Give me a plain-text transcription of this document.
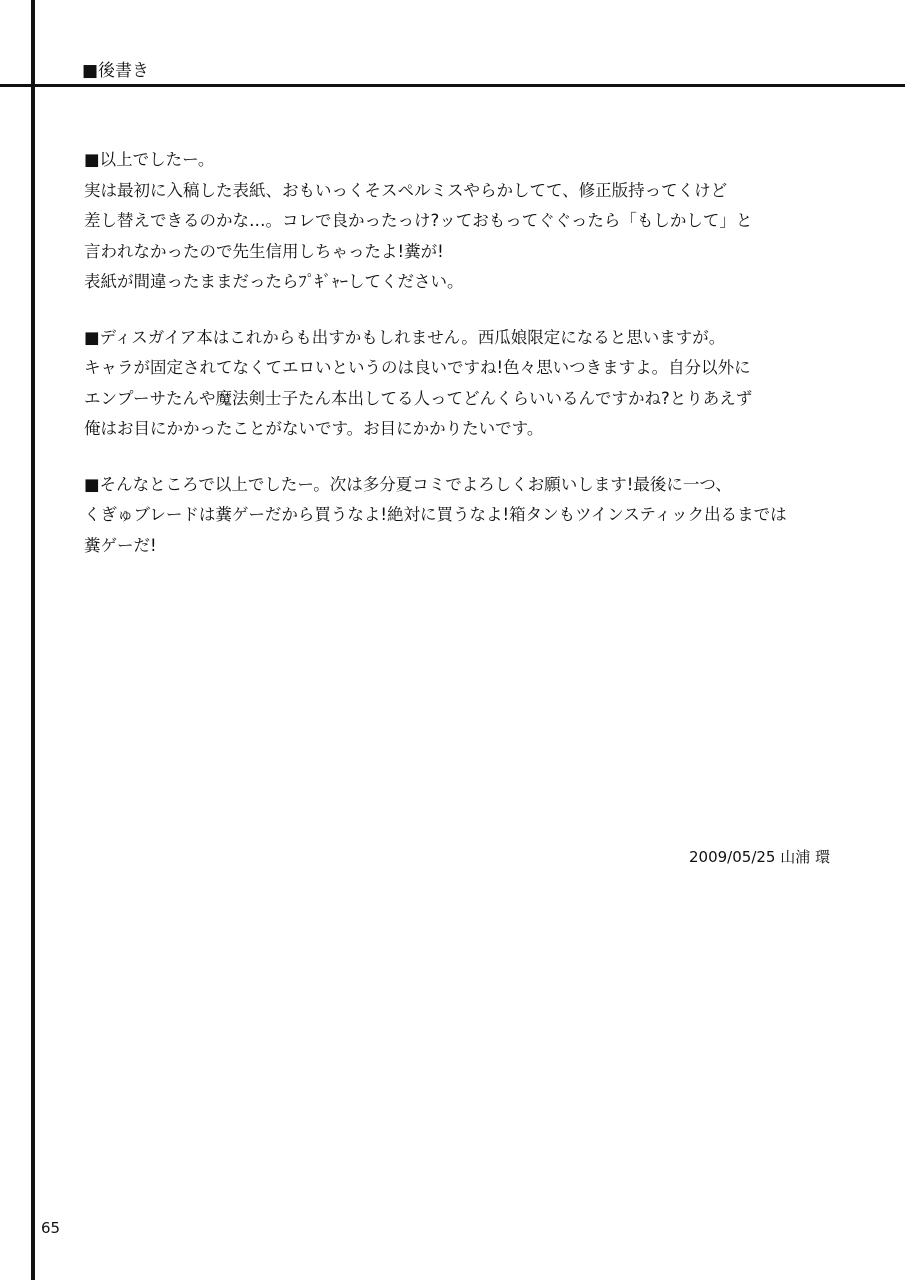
■後書き
■以上でしたー。
実は最初に入稿した表紙、おもいっくそスペルミスやらかしてて、修正版持ってくけど
差し替えできるのかな…。コレで良かったっけ?ッておもってぐぐったら「もしかして」と
言われなかったので先生信用しちゃったよ!糞が!
表紙が間違ったままだったらﾌﾟｷﾞｬｰしてください。
■ディスガイア本はこれからも出すかもしれません。西瓜娘限定になると思いますが。
キャラが固定されてなくてエロいというのは良いですね!色々思いつきますよ。自分以外に
エンプーサたんや魔法剣士子たん本出してる人ってどんくらいいるんですかね?とりあえず
俺はお目にかかったことがないです。お目にかかりたいです。
■そんなところで以上でしたー。次は多分夏コミでよろしくお願いします!最後に一つ、
くぎゅブレードは糞ゲーだから買うなよ!絶対に買うなよ!箱タンもツインスティック出るまでは
糞ゲーだ!
2009/05/25 山浦 環
65
